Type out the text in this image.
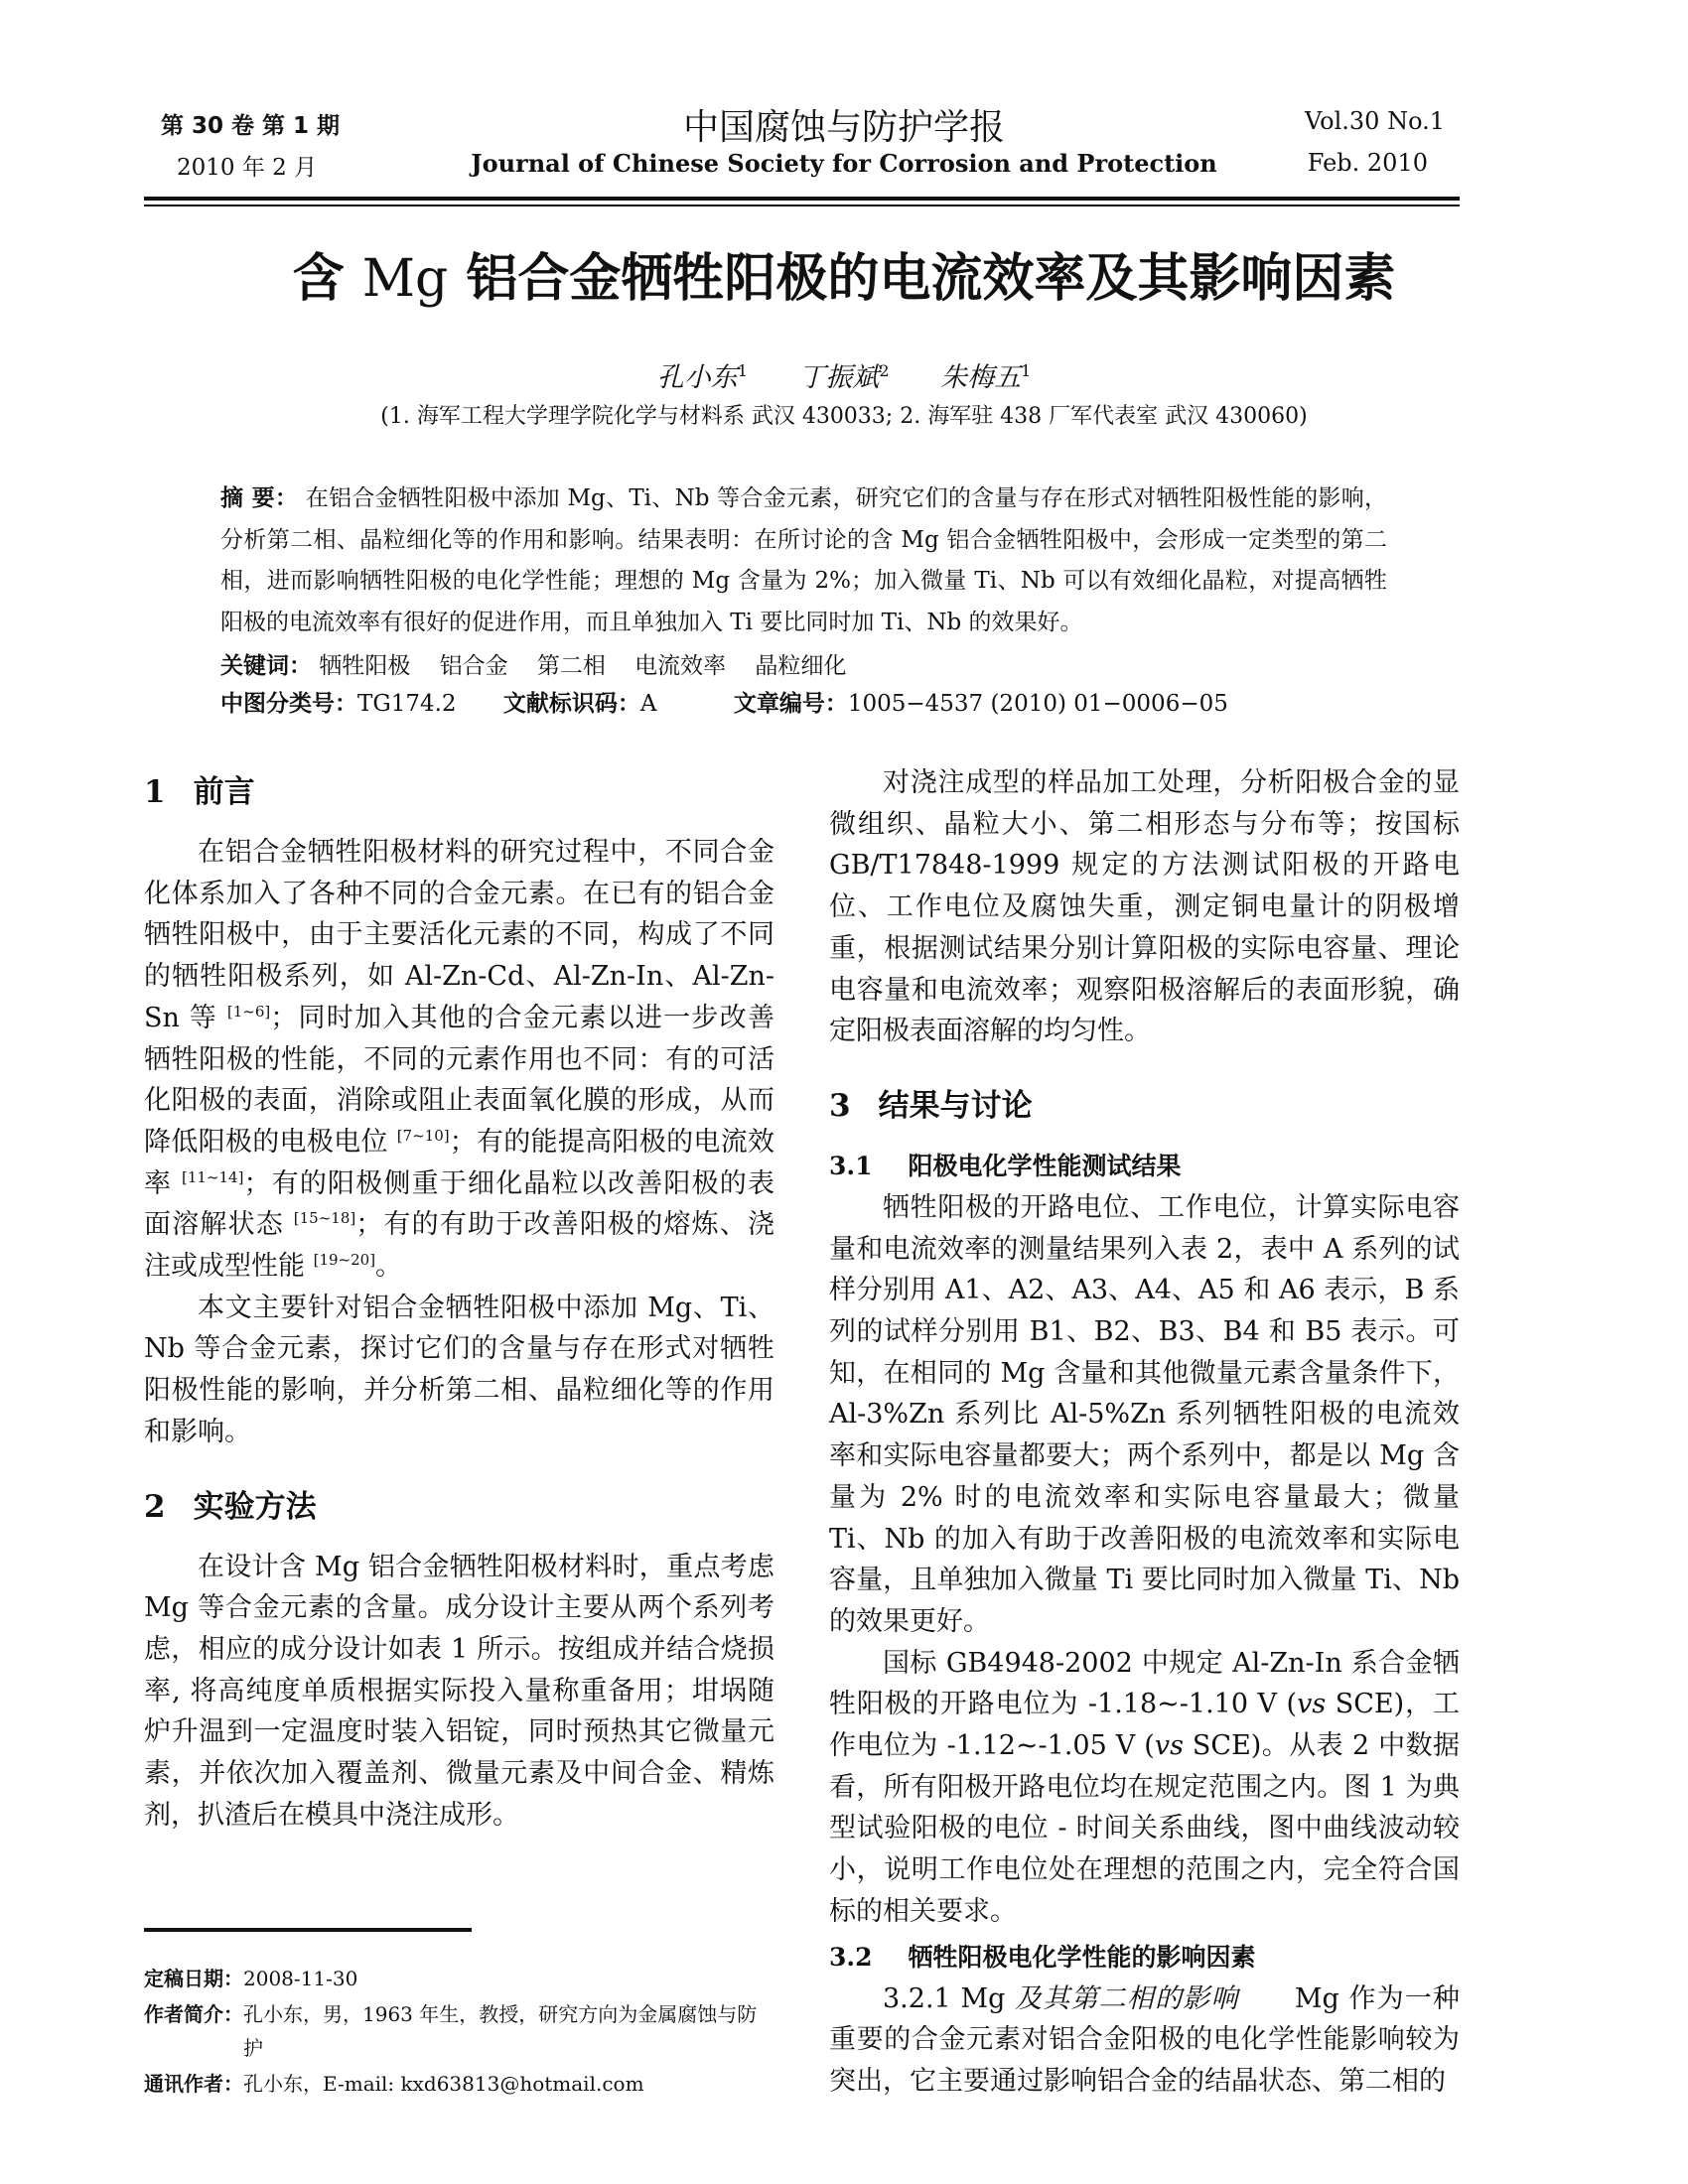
第 30 卷 第 1 期
2010 年 2 月
中国腐蚀与防护学报
Journal of Chinese Society for Corrosion and Protection
Vol.30 No.1
Feb. 2010
含 Mg 铝合金牺牲阳极的电流效率及其影响因素
孔小东$^1$ 丁振斌$^2$ 朱梅五$^1$
(1. 海军工程大学理学院化学与材料系 武汉 430033; 2. 海军驻 438 厂军代表室 武汉 430060)
摘 要： 在铝合金牺牲阳极中添加 Mg、Ti、Nb 等合金元素，研究它们的含量与存在形式对牺牲阳极性能的影响，分析第二相、晶粒细化等的作用和影响。结果表明：在所讨论的含 Mg 铝合金牺牲阳极中，会形成一定类型的第二相，进而影响牺牲阳极的电化学性能；理想的 Mg 含量为 2%；加入微量 Ti、Nb 可以有效细化晶粒，对提高牺牲阳极的电流效率有很好的促进作用，而且单独加入 Ti 要比同时加 Ti、Nb 的效果好。
关键词： 牺牲阳极 铝合金 第二相 电流效率 晶粒细化
中图分类号：TG174.2 文献标识码：A	文章编号：1005−4537 (2010) 01−0006−05
1 前言

在铝合金牺牲阳极材料的研究过程中，不同合金化体系加入了各种不同的合金元素。在已有的铝合金牺牲阳极中，由于主要活化元素的不同，构成了不同的牺牲阳极系列，如 Al-Zn-Cd、Al-Zn-In、Al-Zn-Sn 等 [1~6]；同时加入其他的合金元素以进一步改善牺牲阳极的性能，不同的元素作用也不同：有的可活化阳极的表面，消除或阻止表面氧化膜的形成，从而降低阳极的电极电位 [7~10]；有的能提高阳极的电流效率 [11~14]；有的阳极侧重于细化晶粒以改善阳极的表面溶解状态 [15~18]；有的有助于改善阳极的熔炼、浇注或成型性能 [19~20]。

本文主要针对铝合金牺牲阳极中添加 Mg、Ti、Nb 等合金元素，探讨它们的含量与存在形式对牺牲阳极性能的影响，并分析第二相、晶粒细化等的作用和影响。

2 实验方法

在设计含 Mg 铝合金牺牲阳极材料时，重点考虑 Mg 等合金元素的含量。成分设计主要从两个系列考虑，相应的成分设计如表 1 所示。按组成并结合烧损率, 将高纯度单质根据实际投入量称重备用；坩埚随炉升温到一定温度时装入铝锭，同时预热其它微量元素，并依次加入覆盖剂、微量元素及中间合金、精炼剂，扒渣后在模具中浇注成形。

定稿日期： 2008-11-30
作者简介： 孔小东，男，1963 年生，教授，研究方向为金属腐蚀与防护
通讯作者： 孔小东，E-mail: kxd63813@hotmail.com

对浇注成型的样品加工处理，分析阳极合金的显微组织、晶粒大小、第二相形态与分布等；按国标 GB/T17848-1999 规定的方法测试阳极的开路电位、工作电位及腐蚀失重，测定铜电量计的阴极增重，根据测试结果分别计算阳极的实际电容量、理论电容量和电流效率；观察阳极溶解后的表面形貌，确定阳极表面溶解的均匀性。

3 结果与讨论
3.1 阳极电化学性能测试结果

牺牲阳极的开路电位、工作电位，计算实际电容量和电流效率的测量结果列入表 2，表中 A 系列的试样分别用 A1、A2、A3、A4、A5 和 A6 表示，B 系列的试样分别用 B1、B2、B3、B4 和 B5 表示。可知，在相同的 Mg 含量和其他微量元素含量条件下，Al-3%Zn 系列比 Al-5%Zn 系列牺牲阳极的电流效率和实际电容量都要大；两个系列中，都是以 Mg 含量为 2% 时的电流效率和实际电容量最大；微量 Ti、Nb 的加入有助于改善阳极的电流效率和实际电容量，且单独加入微量 Ti 要比同时加入微量 Ti、Nb 的效果更好。

国标 GB4948-2002 中规定 Al-Zn-In 系合金牺牲阳极的开路电位为 -1.18~-1.10 V (vs SCE)，工作电位为 -1.12~-1.05 V (vs SCE)。从表 2 中数据看，所有阳极开路电位均在规定范围之内。图 1 为典型试验阳极的电位 - 时间关系曲线，图中曲线波动较小，说明工作电位处在理想的范围之内，完全符合国标的相关要求。

3.2 牺牲阳极电化学性能的影响因素

3.2.1 Mg 及其第二相的影响　　Mg 作为一种重要的合金元素对铝合金阳极的电化学性能影响较为突出，它主要通过影响铝合金的结晶状态、第二相的
